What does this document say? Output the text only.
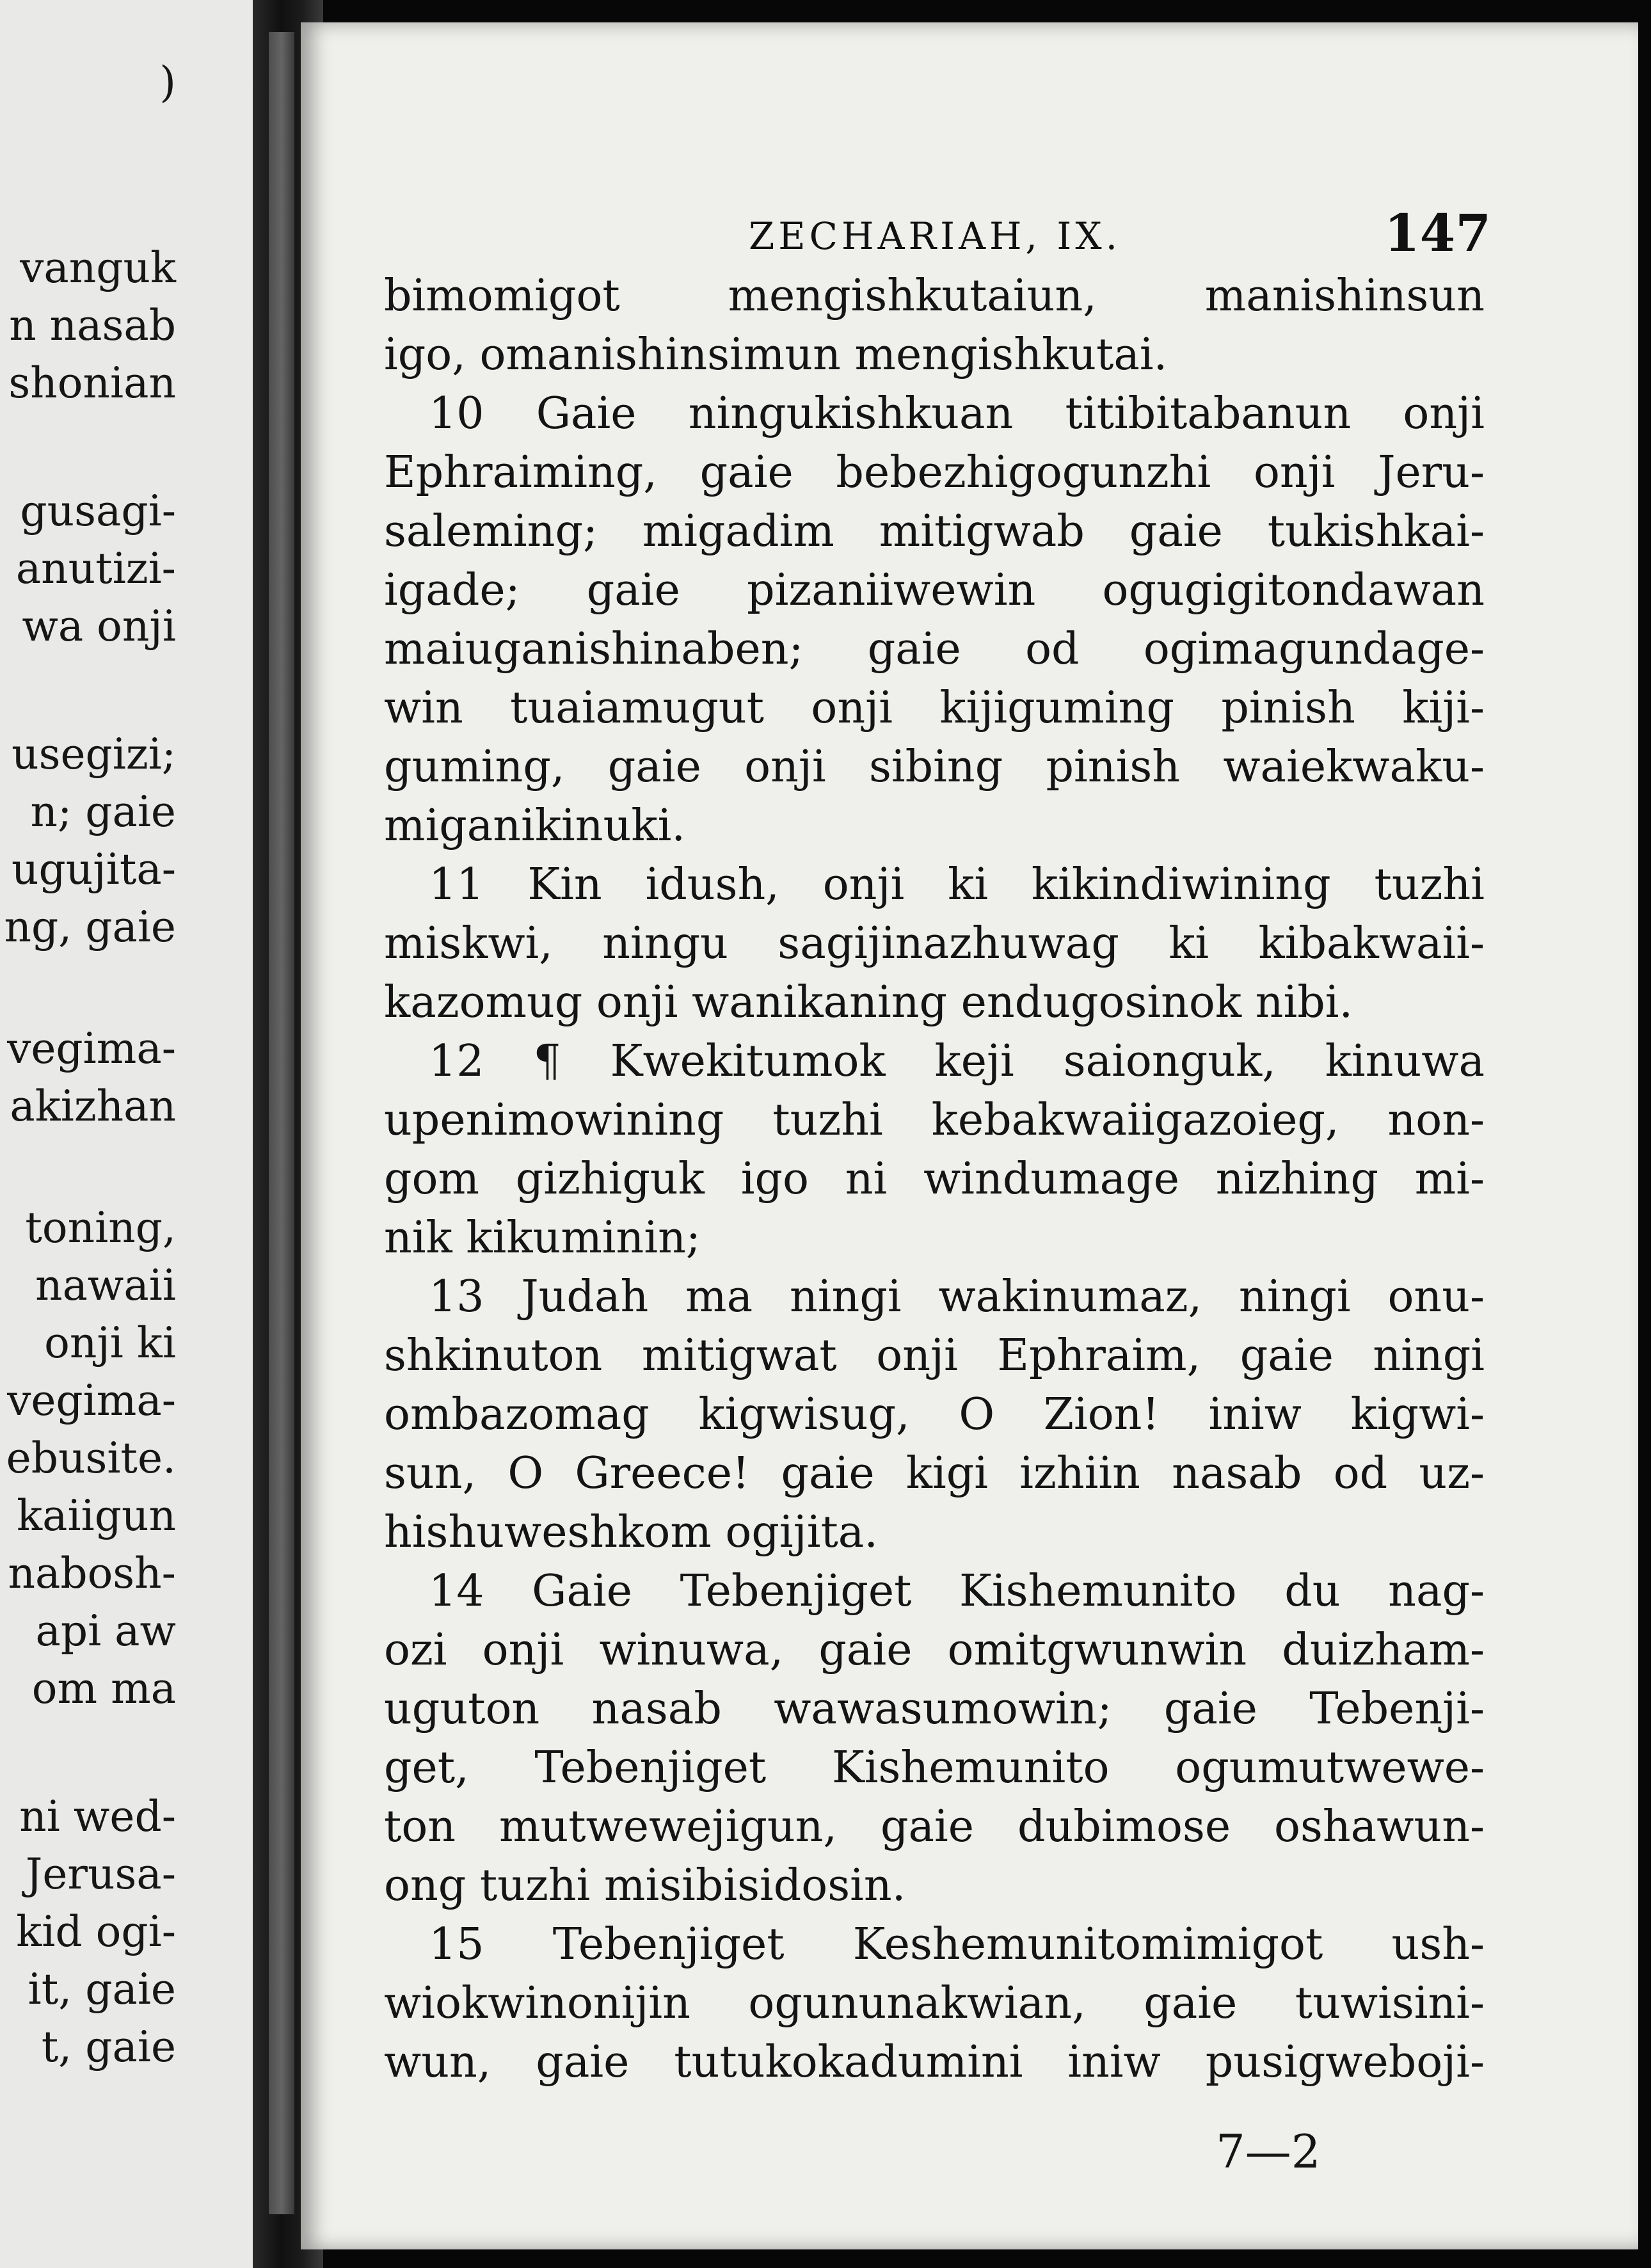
)
vanguk
n nasab
shonian
gusagi-
anutizi-
wa onji
usegizi;
n; gaie
ugujita-
ng, gaie
vegima-
akizhan
toning,
nawaii
onji ki
vegima-
ebusite.
kaiigun
nabosh-
api aw
om ma
ni wed-
Jerusa-
kid ogi-
it, gaie
t, gaie
ZECHARIAH, IX.	147
bimomigot mengishkutaiun, manishinsun
igo, omanishinsimun mengishkutai.
10 Gaie ningukishkuan titibitabanun onji
Ephraiming, gaie bebezhigogunzhi onji Jeru-
saleming; migadim mitigwab gaie tukishkai-
igade; gaie pizaniiwewin ogugigitondawan
maiuganishinaben; gaie od ogimagundage-
win tuaiamugut onji kijiguming pinish kiji-
guming, gaie onji sibing pinish waiekwaku-
miganikinuki.
11 Kin idush, onji ki kikindiwining tuzhi
miskwi, ningu sagijinazhuwag ki kibakwaii-
kazomug onji wanikaning endugosinok nibi.
12 ¶ Kwekitumok keji saionguk, kinuwa
upenimowining tuzhi kebakwaiigazoieg, non-
gom gizhiguk igo ni windumage nizhing mi-
nik kikuminin;
13 Judah ma ningi wakinumaz, ningi onu-
shkinuton mitigwat onji Ephraim, gaie ningi
ombazomag kigwisug, O Zion! iniw kigwi-
sun, O Greece! gaie kigi izhiin nasab od uz-
hishuweshkom ogijita.
14 Gaie Tebenjiget Kishemunito du nag-
ozi onji winuwa, gaie omitgwunwin duizham-
uguton nasab wawasumowin; gaie Tebenji-
get, Tebenjiget Kishemunito ogumutwewe-
ton mutwewejigun, gaie dubimose oshawun-
ong tuzhi misibisidosin.
15 Tebenjiget Keshemunitomimigot ush-
wiokwinonijin ogununakwian, gaie tuwisini-
wun, gaie tutukokadumini iniw pusigweboji-
7—2
